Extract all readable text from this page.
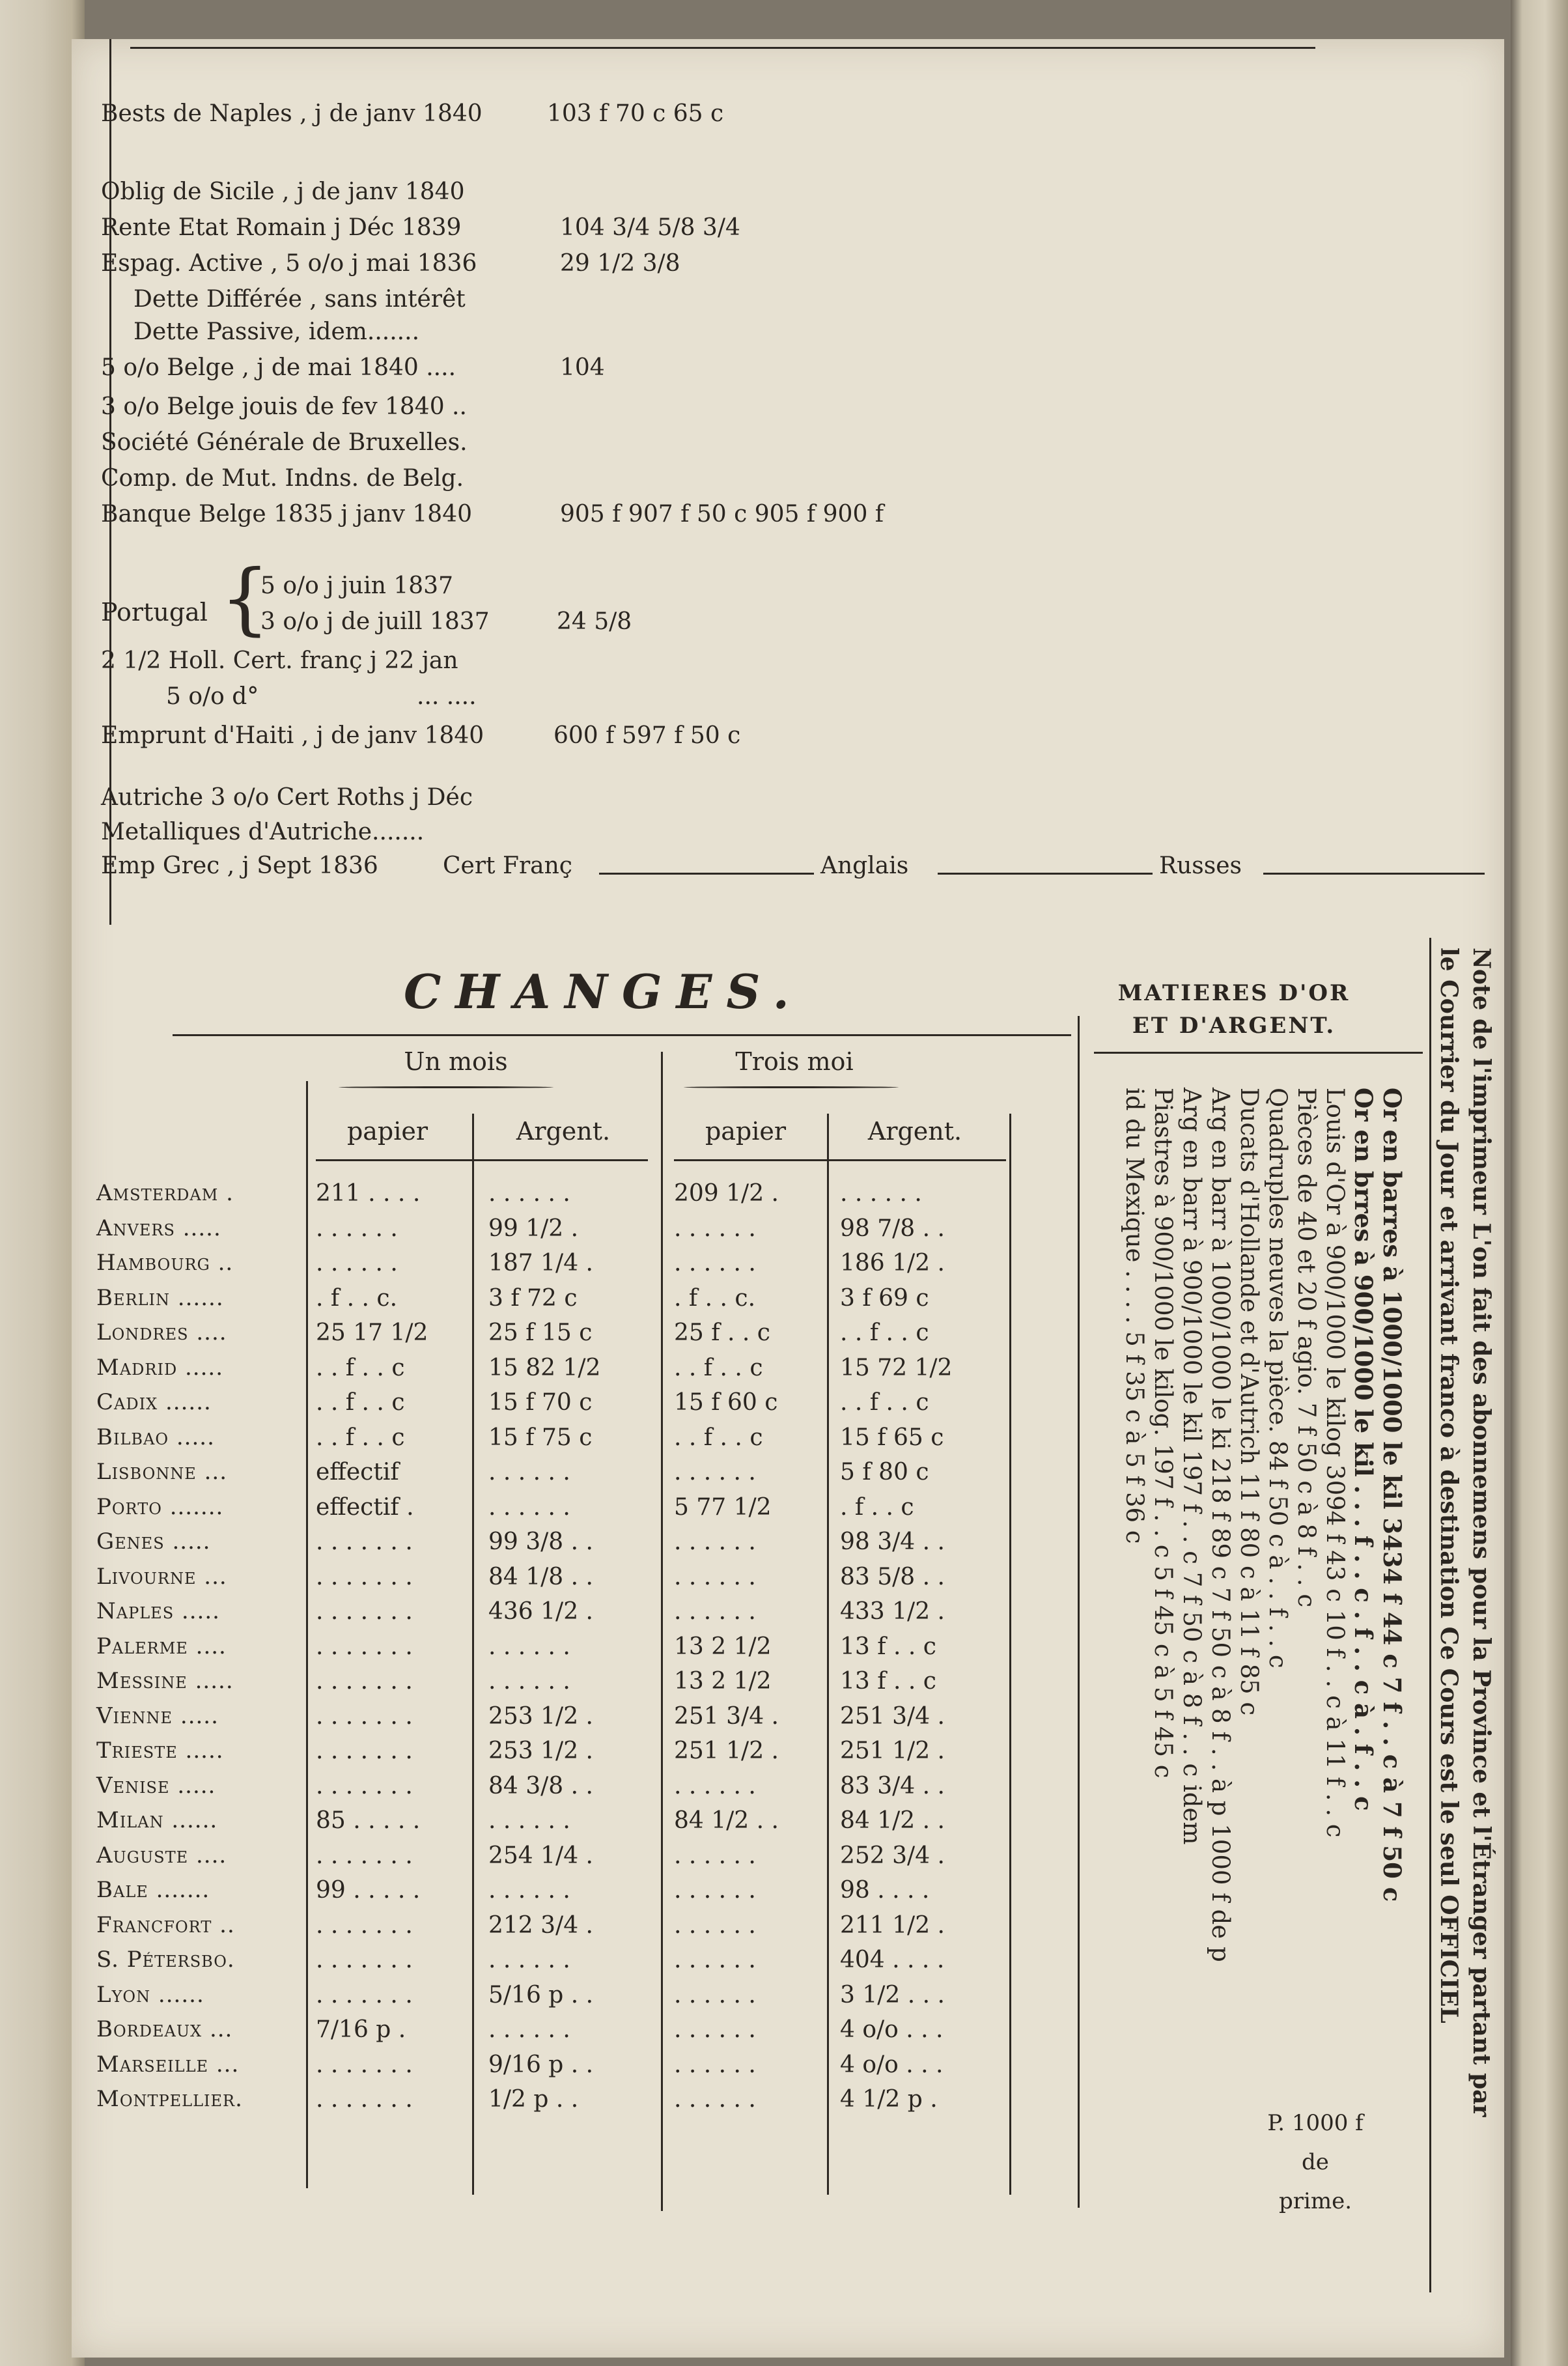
Bests de Naples , j de janv 1840	103 f 70 c 65 c
Oblig de Sicile , j de janv 1840
Rente Etat Romain j Déc 1839	104 3/4 5/8 3/4
Espag. Active , 5 o/o j mai 1836	29 1/2 3/8
Dette Différée , sans intérêt
Dette Passive, idem.......
5 o/o Belge , j de mai 1840 ....	104
3 o/o Belge jouis de fev 1840 ..
Société Générale de Bruxelles.
Comp. de Mut. Indns. de Belg.
Banque Belge 1835 j janv 1840	905 f 907 f 50 c 905 f 900 f
Portugal {
5 o/o j juin 1837
3 o/o j de juill 1837	24 5/8
2 1/2 Holl. Cert. franç j 22 jan
5 o/o d°	... ....
Emprunt d'Haiti , j de janv 1840	600 f 597 f 50 c
Autriche 3 o/o Cert Roths j Déc
Metalliques d'Autriche.......
Emp Grec , j Sept 1836	Cert Franç	Anglais	Russes
CHANGES.	MATIERES D'OR
ET D'ARGENT.
Un mois	Trois moi
papier	Argent.	papier	Argent.
Amsterdam .	211 . . . .	. . . . . .	209 1/2 .	. . . . . .
Anvers .....	. . . . . .	99 1/2 .	. . . . . .	98 7/8 . .
Hambourg ..	. . . . . .	187 1/4 .	. . . . . .	186 1/2 .
Berlin ......	. f . . c.	3 f 72 c	. f . . c.	3 f 69 c
Londres ....	25 17 1/2	25 f 15 c	25 f . . c	. . f . . c
Madrid .....	. . f . . c	15 82 1/2	. . f . . c	15 72 1/2
Cadix ......	. . f . . c	15 f 70 c	15 f 60 c	. . f . . c
Bilbao .....	. . f . . c	15 f 75 c	. . f . . c	15 f 65 c
Lisbonne ...	effectif	. . . . . .	. . . . . .	5 f 80 c
Porto .......	effectif .	. . . . . .	5 77 1/2	. f . . c
Genes .....	. . . . . . .	99 3/8 . .	. . . . . .	98 3/4 . .
Livourne ...	. . . . . . .	84 1/8 . .	. . . . . .	83 5/8 . .
Naples .....	. . . . . . .	436 1/2 .	. . . . . .	433 1/2 .
Palerme ....	. . . . . . .	. . . . . .	13 2 1/2	13 f . . c
Messine .....	. . . . . . .	. . . . . .	13 2 1/2	13 f . . c
Vienne .....	. . . . . . .	253 1/2 .	251 3/4 .	251 3/4 .
Trieste .....	. . . . . . .	253 1/2 .	251 1/2 .	251 1/2 .
Venise .....	. . . . . . .	84 3/8 . .	. . . . . .	83 3/4 . .
Milan ......	85 . . . . .	. . . . . .	84 1/2 . .	84 1/2 . .
Auguste ....	. . . . . . .	254 1/4 .	. . . . . .	252 3/4 .
Bale .......	99 . . . . .	. . . . . .	. . . . . .	98 . . . .
Francfort ..	. . . . . . .	212 3/4 .	. . . . . .	211 1/2 .
S. Pétersbo.	. . . . . . .	. . . . . .	. . . . . .	404 . . . .
Lyon ......	. . . . . . .	5/16 p . .	. . . . . .	3 1/2 . . .
Bordeaux ...	7/16 p .	. . . . . .	. . . . . .	4 o/o . . .
Marseille ...	. . . . . . .	9/16 p . .	. . . . . .	4 o/o . . .
Montpellier.	. . . . . . .	1/2 p . .	. . . . . .	4 1/2 p .
Or en barres à 1000/1000 le kil 3434 f 44 c 7 f . . c à 7 f 50 c
Or en brres à 900/1000 le kil . . . f . . c . f . . c à . f . . c
Louis d'Or à 900/1000 le kilog 3094 f 43 c 10 f . . c à 11 f . . c
Pièces de 40 et 20 f agio. 7 f 50 c à 8 f . . c
Quadruples neuves la pièce. 84 f 50 c à . . f . . c
Ducats d'Hollande et d'Autrich 11 f 80 c à 11 f 85 c
Arg en barr à 1000/1000 le ki 218 f 89 c 7 f 50 c à 8 f . . à p 1000 f de p
Arg en barr à 900/1000 le kil 197 f . . c 7 f 50 c à 8 f . . c idem
Piastres à 900/1000 le kilog. 197 f . . c 5 f 45 c à 5 f 45 c
id du Mexique . . . . 5 f 35 c à 5 f 36 c
P. 1000 f
de
prime.
Note de l'imprimeur L'on fait des abonnemens pour la Province et l'Étranger partant par
le Courrier du Jour et arrivant franco à destination Ce Cours est le seul OFFICIEL
